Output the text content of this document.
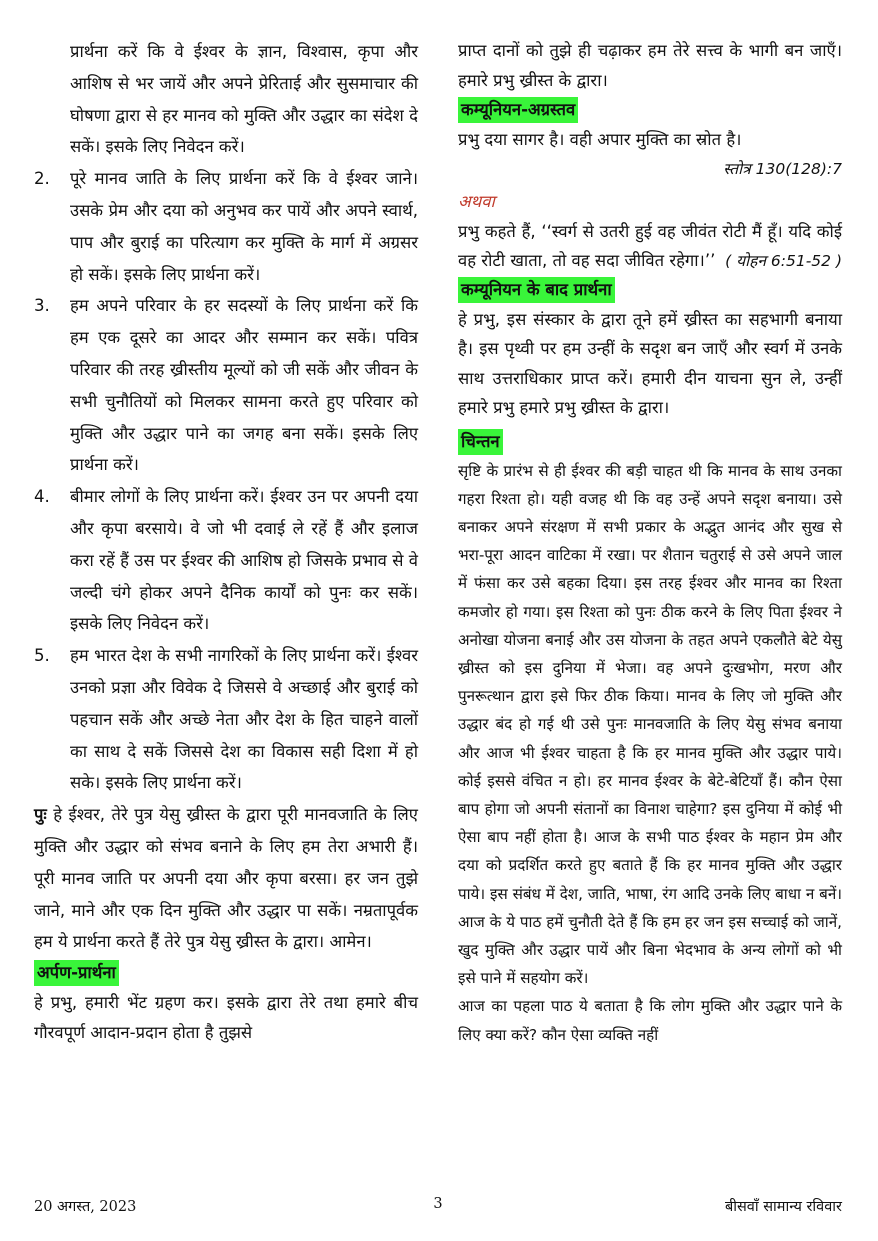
प्रार्थना करें कि वे ईश्वर के ज्ञान, विश्वास, कृपा और आशिष से भर जायें और अपने प्रेरिताई और सुसमाचार की घोषणा द्वारा से हर मानव को मुक्ति और उद्धार का संदेश दे सकें। इसके लिए निवेदन करें।

2. पूरे मानव जाति के लिए प्रार्थना करें कि वे ईश्वर जाने। उसके प्रेम और दया को अनुभव कर पायें और अपने स्वार्थ, पाप और बुराई का परित्याग कर मुक्ति के मार्ग में अग्रसर हो सकें। इसके लिए प्रार्थना करें।
3. हम अपने परिवार के हर सदस्यों के लिए प्रार्थना करें कि हम एक दूसरे का आदर और सम्मान कर सकें। पवित्र परिवार की तरह ख्रीस्तीय मूल्यों को जी सकें और जीवन के सभी चुनौतियों को मिलकर सामना करते हुए परिवार को मुक्ति और उद्धार पाने का जगह बना सकें। इसके लिए प्रार्थना करें।
4. बीमार लोगों के लिए प्रार्थना करें। ईश्वर उन पर अपनी दया और कृपा बरसाये। वे जो भी दवाई ले रहें हैं और इलाज करा रहें हैं उस पर ईश्वर की आशिष हो जिसके प्रभाव से वे जल्दी चंगे होकर अपने दैनिक कार्यों को पुनः कर सकें। इसके लिए निवेदन करें।
5. हम भारत देश के सभी नागरिकों के लिए प्रार्थना करें। ईश्वर उनको प्रज्ञा और विवेक दे जिससे वे अच्छाई और बुराई को पहचान सकें और अच्छे नेता और देश के हित चाहने वालों का साथ दे सकें जिससे देश का विकास सही दिशा में हो सके। इसके लिए प्रार्थना करें।

पुः हे ईश्वर, तेरे पुत्र येसु ख्रीस्त के द्वारा पूरी मानवजाति के लिए मुक्ति और उद्धार को संभव बनाने के लिए हम तेरा अभारी हैं। पूरी मानव जाति पर अपनी दया और कृपा बरसा। हर जन तुझे जाने, माने और एक दिन मुक्ति और उद्धार पा सकें। नम्रतापूर्वक हम ये प्रार्थना करते हैं तेरे पुत्र येसु ख्रीस्त के द्वारा। आमेन।

अर्पण-प्रार्थना

हे प्रभु, हमारी भेंट ग्रहण कर। इसके द्वारा तेरे तथा हमारे बीच गौरवपूर्ण आदान-प्रदान होता है तुझसे

प्राप्त दानों को तुझे ही चढ़ाकर हम तेरे सत्त्व के भागी बन जाएँ। हमारे प्रभु ख्रीस्त के द्वारा।

कम्यूनियन-अग्रस्तव

प्रभु दया सागर है। वही अपार मुक्ति का स्रोत है।

स्तोत्र 130(128):7

अथवा

प्रभु कहते हैं, ‘‘स्वर्ग से उतरी हुई वह जीवंत रोटी मैं हूँ। यदि कोई वह रोटी खाता, तो वह सदा जीवित रहेगा।’’ ( योहन 6:51-52 )

कम्यूनियन के बाद प्रार्थना

हे प्रभु, इस संस्कार के द्वारा तूने हमें ख्रीस्त का सहभागी बनाया है। इस पृथ्वी पर हम उन्हीं के सदृश बन जाएँ और स्वर्ग में उनके साथ उत्तराधिकार प्राप्त करें। हमारी दीन याचना सुन ले, उन्हीं हमारे प्रभु हमारे प्रभु ख्रीस्त के द्वारा।

चिन्तन

सृष्टि के प्रारंभ से ही ईश्वर की बड़ी चाहत थी कि मानव के साथ उनका गहरा रिश्ता हो। यही वजह थी कि वह उन्हें अपने सदृश बनाया। उसे बनाकर अपने संरक्षण में सभी प्रकार के अद्भुत आनंद और सुख से भरा-पूरा आदन वाटिका में रखा। पर शैतान चतुराई से उसे अपने जाल में फंसा कर उसे बहका दिया। इस तरह ईश्वर और मानव का रिश्ता कमजोर हो गया। इस रिश्ता को पुनः ठीक करने के लिए पिता ईश्वर ने अनोखा योजना बनाई और उस योजना के तहत अपने एकलौते बेटे येसु ख्रीस्त को इस दुनिया में भेजा। वह अपने दुःखभोग, मरण और पुनरूत्थान द्वारा इसे फिर ठीक किया। मानव के लिए जो मुक्ति और उद्धार बंद हो गई थी उसे पुनः मानवजाति के लिए येसु संभव बनाया और आज भी ईश्वर चाहता है कि हर मानव मुक्ति और उद्धार पाये। कोई इससे वंचित न हो। हर मानव ईश्वर के बेटे-बेटियाँ हैं। कौन ऐसा बाप होगा जो अपनी संतानों का विनाश चाहेगा? इस दुनिया में कोई भी ऐसा बाप नहीं होता है। आज के सभी पाठ ईश्वर के महान प्रेम और दया को प्रदर्शित करते हुए बताते हैं कि हर मानव मुक्ति और उद्धार पाये। इस संबंध में देश, जाति, भाषा, रंग आदि उनके लिए बाधा न बनें। आज के ये पाठ हमें चुनौती देते हैं कि हम हर जन इस सच्चाई को जानें, खुद मुक्ति और उद्धार पायें और बिना भेदभाव के अन्य लोगों को भी इसे पाने में सहयोग करें।

आज का पहला पाठ ये बताता है कि लोग मुक्ति और उद्धार पाने के लिए क्या करें? कौन ऐसा व्यक्ति नहीं

20 अगस्त, 2023	3	बीसवाँ सामान्य रविवार
